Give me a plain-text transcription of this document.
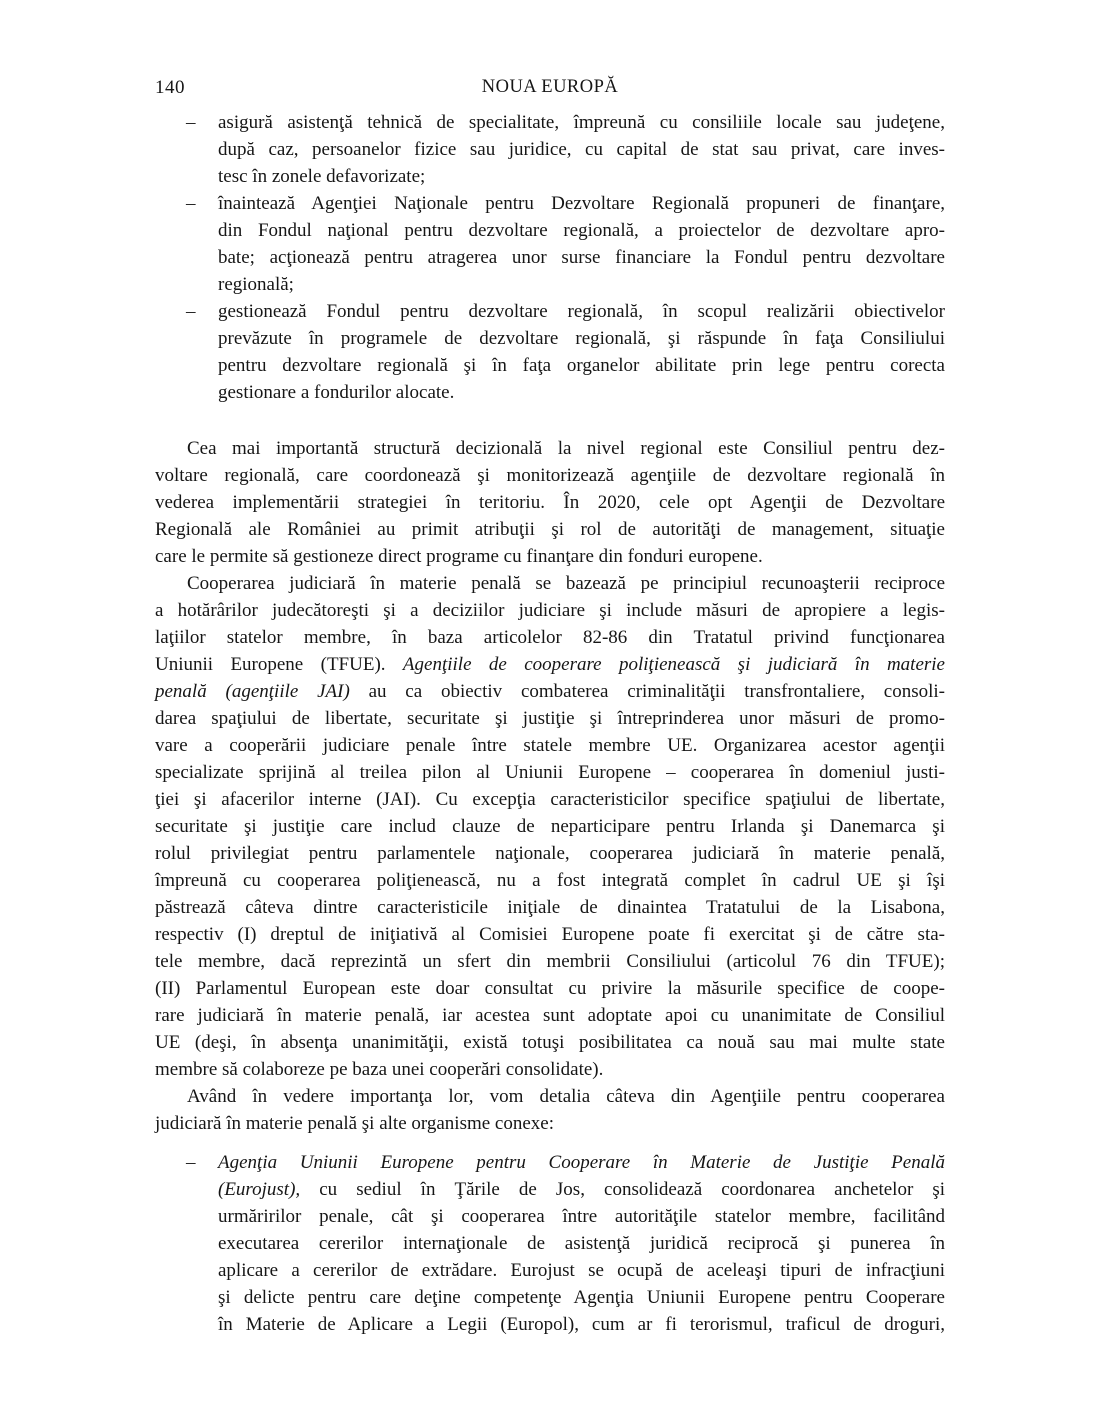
140	NOUA EUROPĂ
– asigură asistenţă tehnică de specialitate, împreună cu consiliile locale sau judeţene,
după caz, persoanelor fizice sau juridice, cu capital de stat sau privat, care inves-
tesc în zonele defavorizate;
– înaintează Agenţiei Naţionale pentru Dezvoltare Regională propuneri de finanţare,
din Fondul naţional pentru dezvoltare regională, a proiectelor de dezvoltare apro-
bate; acţionează pentru atragerea unor surse financiare la Fondul pentru dezvoltare
regională;
– gestionează Fondul pentru dezvoltare regională, în scopul realizării obiectivelor
prevăzute în programele de dezvoltare regională, şi răspunde în faţa Consiliului
pentru dezvoltare regională şi în faţa organelor abilitate prin lege pentru corecta
gestionare a fondurilor alocate.
Cea mai importantă structură decizională la nivel regional este Consiliul pentru dez-
voltare regională, care coordonează şi monitorizează agenţiile de dezvoltare regională în
vederea implementării strategiei în teritoriu. În 2020, cele opt Agenţii de Dezvoltare
Regională ale României au primit atribuţii şi rol de autorităţi de management, situaţie
care le permite să gestioneze direct programe cu finanţare din fonduri europene.
Cooperarea judiciară în materie penală se bazează pe principiul recunoaşterii reciproce
a hotărârilor judecătoreşti şi a deciziilor judiciare şi include măsuri de apropiere a legis-
laţiilor statelor membre, în baza articolelor 82-86 din Tratatul privind funcţionarea
Uniunii Europene (TFUE). Agenţiile de cooperare poliţienească şi judiciară în materie
penală (agenţiile JAI) au ca obiectiv combaterea criminalităţii transfrontaliere, consoli-
darea spaţiului de libertate, securitate şi justiţie şi întreprinderea unor măsuri de promo-
vare a cooperării judiciare penale între statele membre UE. Organizarea acestor agenţii
specializate sprijină al treilea pilon al Uniunii Europene – cooperarea în domeniul justi-
ţiei şi afacerilor interne (JAI). Cu excepţia caracteristicilor specifice spaţiului de libertate,
securitate şi justiţie care includ clauze de neparticipare pentru Irlanda şi Danemarca şi
rolul privilegiat pentru parlamentele naţionale, cooperarea judiciară în materie penală,
împreună cu cooperarea poliţienească, nu a fost integrată complet în cadrul UE şi îşi
păstrează câteva dintre caracteristicile iniţiale de dinaintea Tratatului de la Lisabona,
respectiv (I) dreptul de iniţiativă al Comisiei Europene poate fi exercitat şi de către sta-
tele membre, dacă reprezintă un sfert din membrii Consiliului (articolul 76 din TFUE);
(II) Parlamentul European este doar consultat cu privire la măsurile specifice de coope-
rare judiciară în materie penală, iar acestea sunt adoptate apoi cu unanimitate de Consiliul
UE (deşi, în absenţa unanimităţii, există totuşi posibilitatea ca nouă sau mai multe state
membre să colaboreze pe baza unei cooperări consolidate).
Având în vedere importanţa lor, vom detalia câteva din Agenţiile pentru cooperarea
judiciară în materie penală şi alte organisme conexe:
– Agenţia Uniunii Europene pentru Cooperare în Materie de Justiţie Penală
(Eurojust), cu sediul în Ţările de Jos, consolidează coordonarea anchetelor şi
urmăririlor penale, cât şi cooperarea între autorităţile statelor membre, facilitând
executarea cererilor internaţionale de asistenţă juridică reciprocă şi punerea în
aplicare a cererilor de extrădare. Eurojust se ocupă de aceleaşi tipuri de infracţiuni
şi delicte pentru care deţine competenţe Agenţia Uniunii Europene pentru Cooperare
în Materie de Aplicare a Legii (Europol), cum ar fi terorismul, traficul de droguri,
